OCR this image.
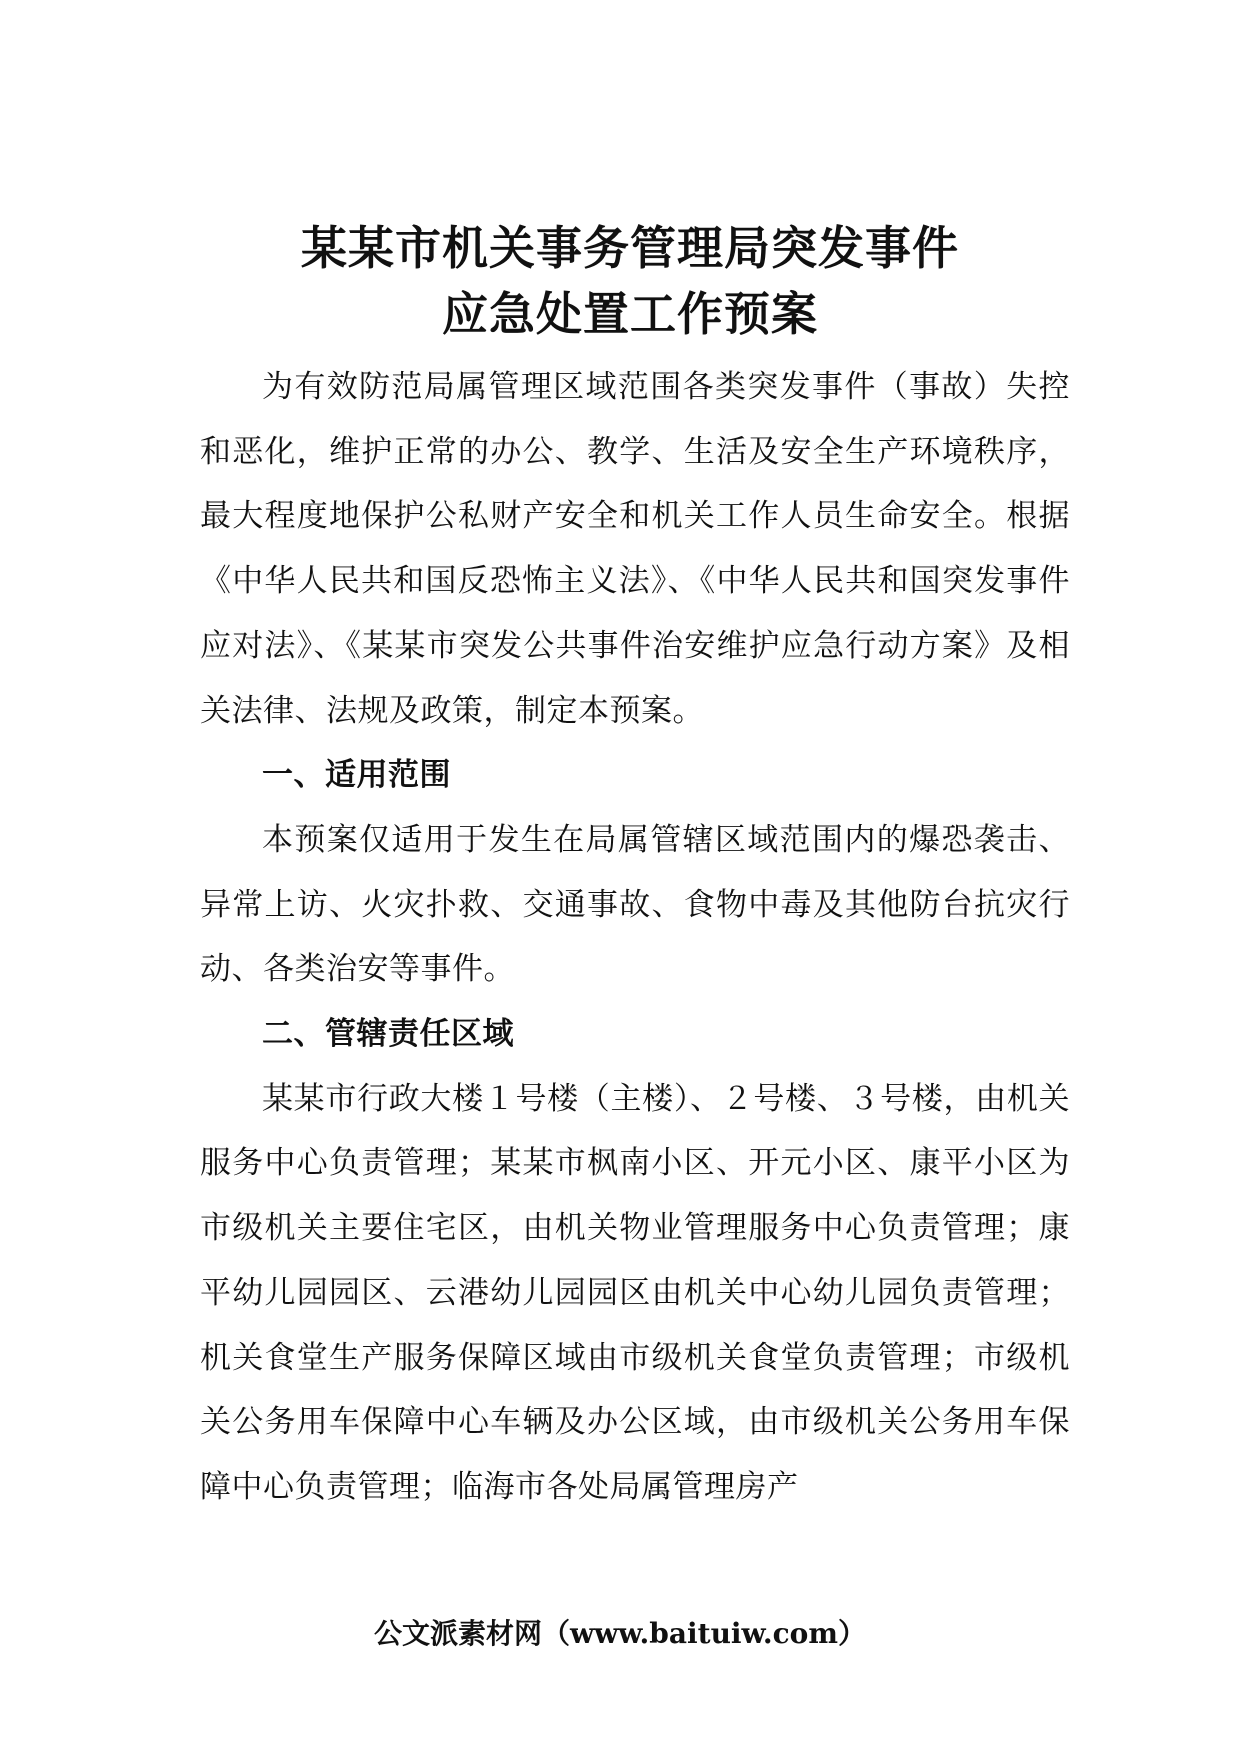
某某市机关事务管理局突发事件
应急处置工作预案

为有效防范局属管理区域范围各类突发事件（事故）失控和恶化，维护正常的办公、教学、生活及安全生产环境秩序，最大程度地保护公私财产安全和机关工作人员生命安全。根据《中华人民共和国反恐怖主义法》、《中华人民共和国突发事件应对法》、《某某市突发公共事件治安维护应急行动方案》及相关法律、法规及政策，制定本预案。

一、适用范围

本预案仅适用于发生在局属管辖区域范围内的爆恐袭击、异常上访、火灾扑救、交通事故、食物中毒及其他防台抗灾行动、各类治安等事件。

二、管辖责任区域

某某市行政大楼１号楼（主楼）、２号楼、３号楼，由机关服务中心负责管理；某某市枫南小区、开元小区、康平小区为市级机关主要住宅区，由机关物业管理服务中心负责管理；康平幼儿园园区、云港幼儿园园区由机关中心幼儿园负责管理；机关食堂生产服务保障区域由市级机关食堂负责管理；市级机关公务用车保障中心车辆及办公区域，由市级机关公务用车保障中心负责管理；临海市各处局属管理房产

公文派素材网（www.baituiw.com）
